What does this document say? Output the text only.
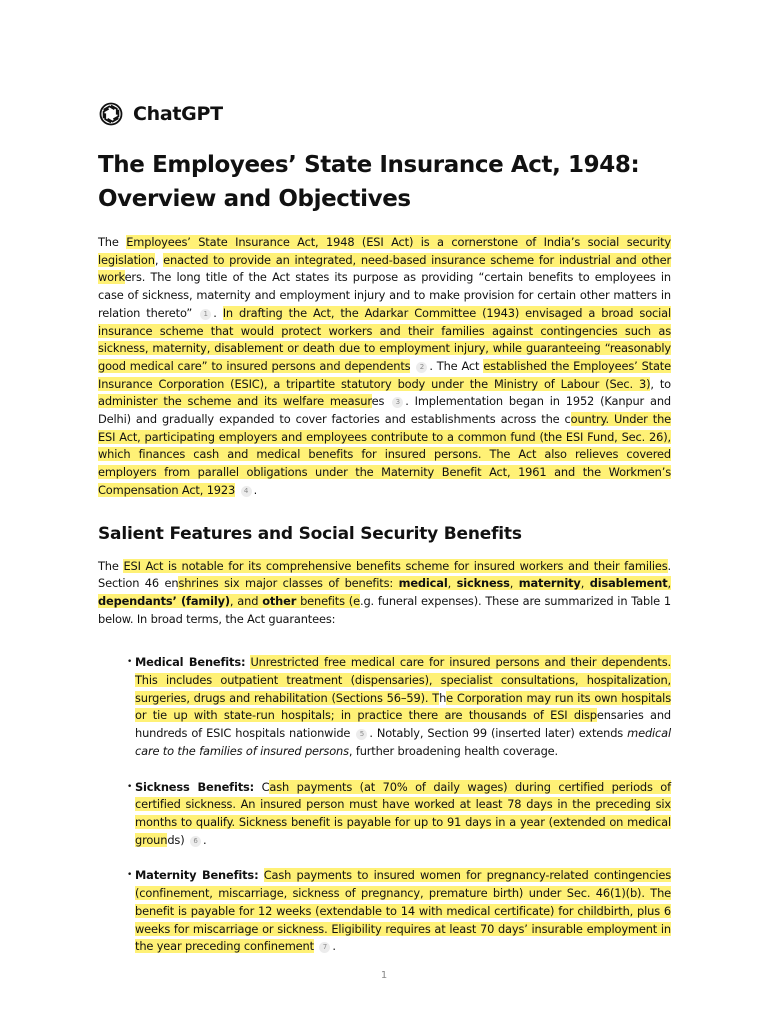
ChatGPT
The Employees’ State Insurance Act, 1948: Overview and Objectives

The Employees’ State Insurance Act, 1948 (ESI Act) is a cornerstone of India’s social security legislation, enacted to provide an integrated, need-based insurance scheme for industrial and other workers. The long title of the Act states its purpose as providing “certain benefits to employees in case of sickness, maternity and employment injury and to make provision for certain other matters in relation thereto” 1 . In drafting the Act, the Adarkar Committee (1943) envisaged a broad social insurance scheme that would protect workers and their families against contingencies such as sickness, maternity, disablement or death due to employment injury, while guaranteeing “reasonably good medical care” to insured persons and dependents 2 . The Act established the Employees’ State Insurance Corporation (ESIC), a tripartite statutory body under the Ministry of Labour (Sec. 3), to administer the scheme and its welfare measures 3 . Implementation began in 1952 (Kanpur and Delhi) and gradually expanded to cover factories and establishments across the country. Under the ESI Act, participating employers and employees contribute to a common fund (the ESI Fund, Sec. 26), which finances cash and medical benefits for insured persons. The Act also relieves covered employers from parallel obligations under the Maternity Benefit Act, 1961 and the Workmen’s Compensation Act, 1923 4 .

Salient Features and Social Security Benefits

The ESI Act is notable for its comprehensive benefits scheme for insured workers and their families. Section 46 enshrines six major classes of benefits: medical, sickness, maternity, disablement, dependants’ (family), and other benefits (e.g. funeral expenses). These are summarized in Table 1 below. In broad terms, the Act guarantees:

• Medical Benefits: Unrestricted free medical care for insured persons and their dependents. This includes outpatient treatment (dispensaries), specialist consultations, hospitalization, surgeries, drugs and rehabilitation (Sections 56–59). The Corporation may run its own hospitals or tie up with state-run hospitals; in practice there are thousands of ESI dispensaries and hundreds of ESIC hospitals nationwide 5 . Notably, Section 99 (inserted later) extends medical care to the families of insured persons, further broadening health coverage.
• Sickness Benefits: Cash payments (at 70% of daily wages) during certified periods of certified sickness. An insured person must have worked at least 78 days in the preceding six months to qualify. Sickness benefit is payable for up to 91 days in a year (extended on medical grounds) 6 .
• Maternity Benefits: Cash payments to insured women for pregnancy-related contingencies (confinement, miscarriage, sickness of pregnancy, premature birth) under Sec. 46(1)(b). The benefit is payable for 12 weeks (extendable to 14 with medical certificate) for childbirth, plus 6 weeks for miscarriage or sickness. Eligibility requires at least 70 days’ insurable employment in the year preceding confinement 7 .
1
